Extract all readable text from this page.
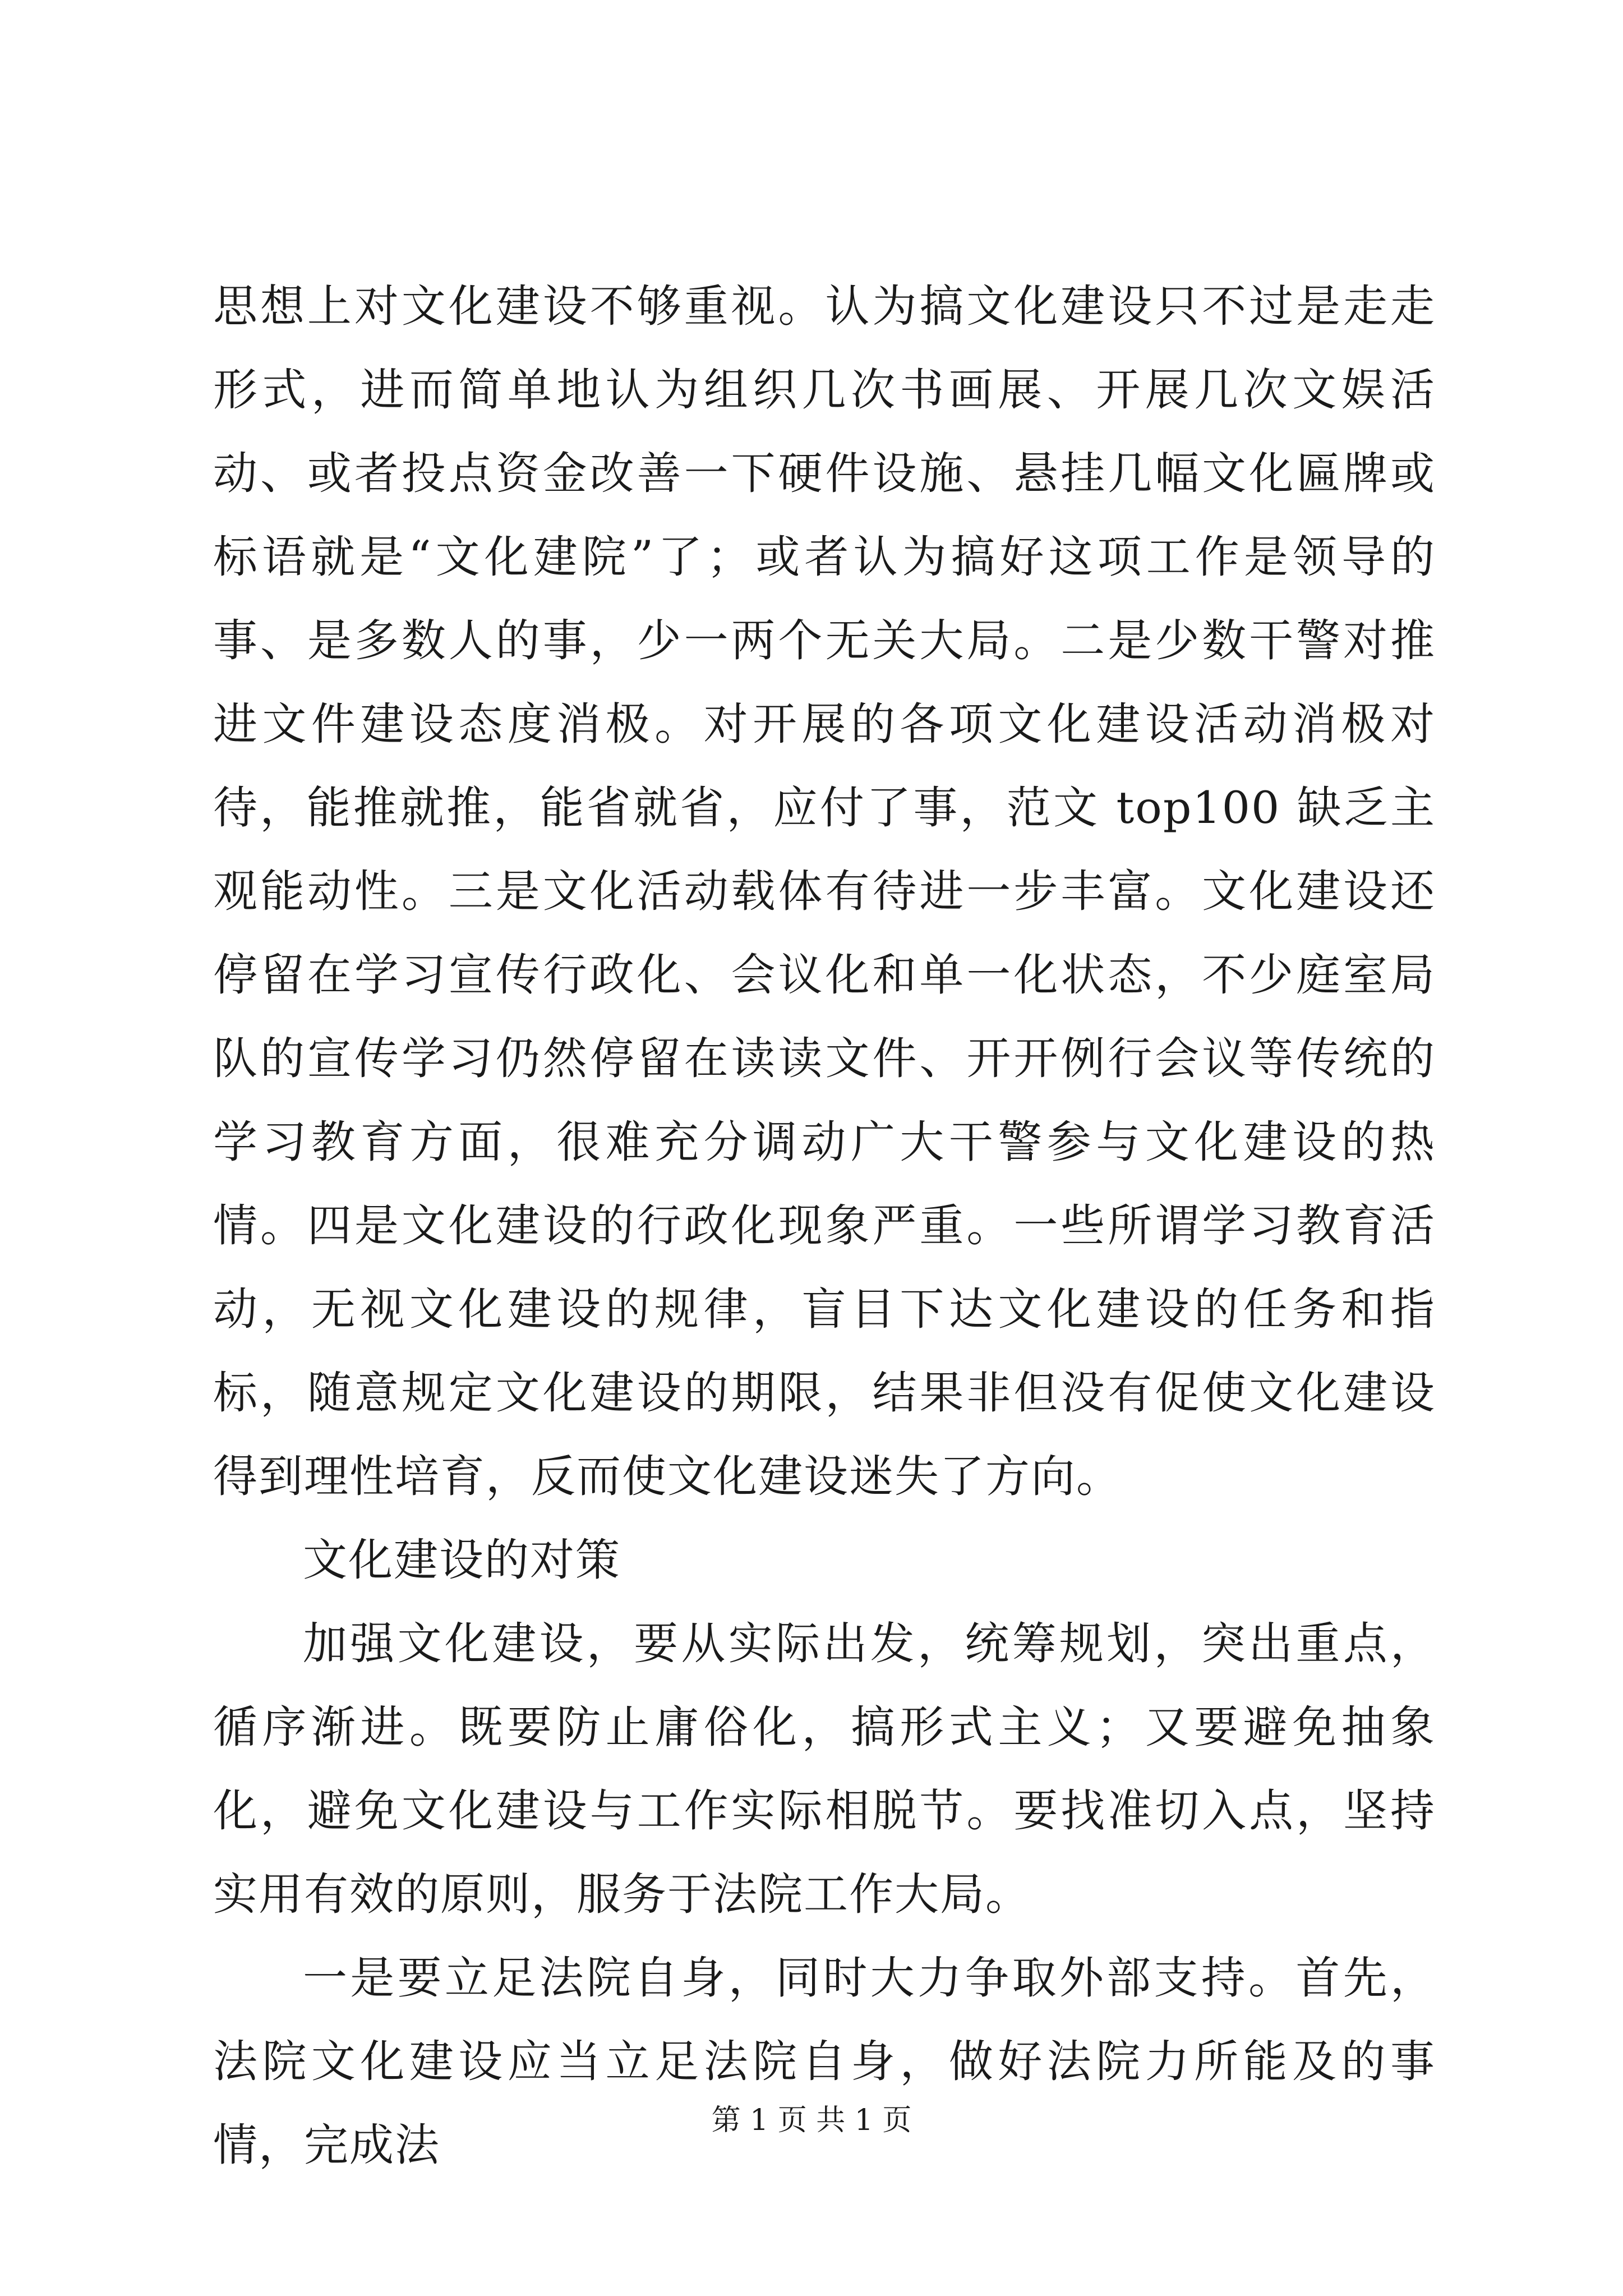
思想上对文化建设不够重视。认为搞文化建设只不过是走走形式，进而简单地认为组织几次书画展、开展几次文娱活动、或者投点资金改善一下硬件设施、悬挂几幅文化匾牌或标语就是“文化建院”了；或者认为搞好这项工作是领导的事、是多数人的事，少一两个无关大局。二是少数干警对推进文件建设态度消极。对开展的各项文化建设活动消极对待，能推就推，能省就省，应付了事，范文 top100 缺乏主观能动性。三是文化活动载体有待进一步丰富。文化建设还停留在学习宣传行政化、会议化和单一化状态，不少庭室局队的宣传学习仍然停留在读读文件、开开例行会议等传统的学习教育方面，很难充分调动广大干警参与文化建设的热情。四是文化建设的行政化现象严重。一些所谓学习教育活动，无视文化建设的规律，盲目下达文化建设的任务和指标，随意规定文化建设的期限，结果非但没有促使文化建设得到理性培育，反而使文化建设迷失了方向。

文化建设的对策

加强文化建设，要从实际出发，统筹规划，突出重点，循序渐进。既要防止庸俗化，搞形式主义；又要避免抽象化，避免文化建设与工作实际相脱节。要找准切入点，坚持实用有效的原则，服务于法院工作大局。

一是要立足法院自身，同时大力争取外部支持。首先，法院文化建设应当立足法院自身，做好法院力所能及的事情，完成法	第 1 页 共 1 页
